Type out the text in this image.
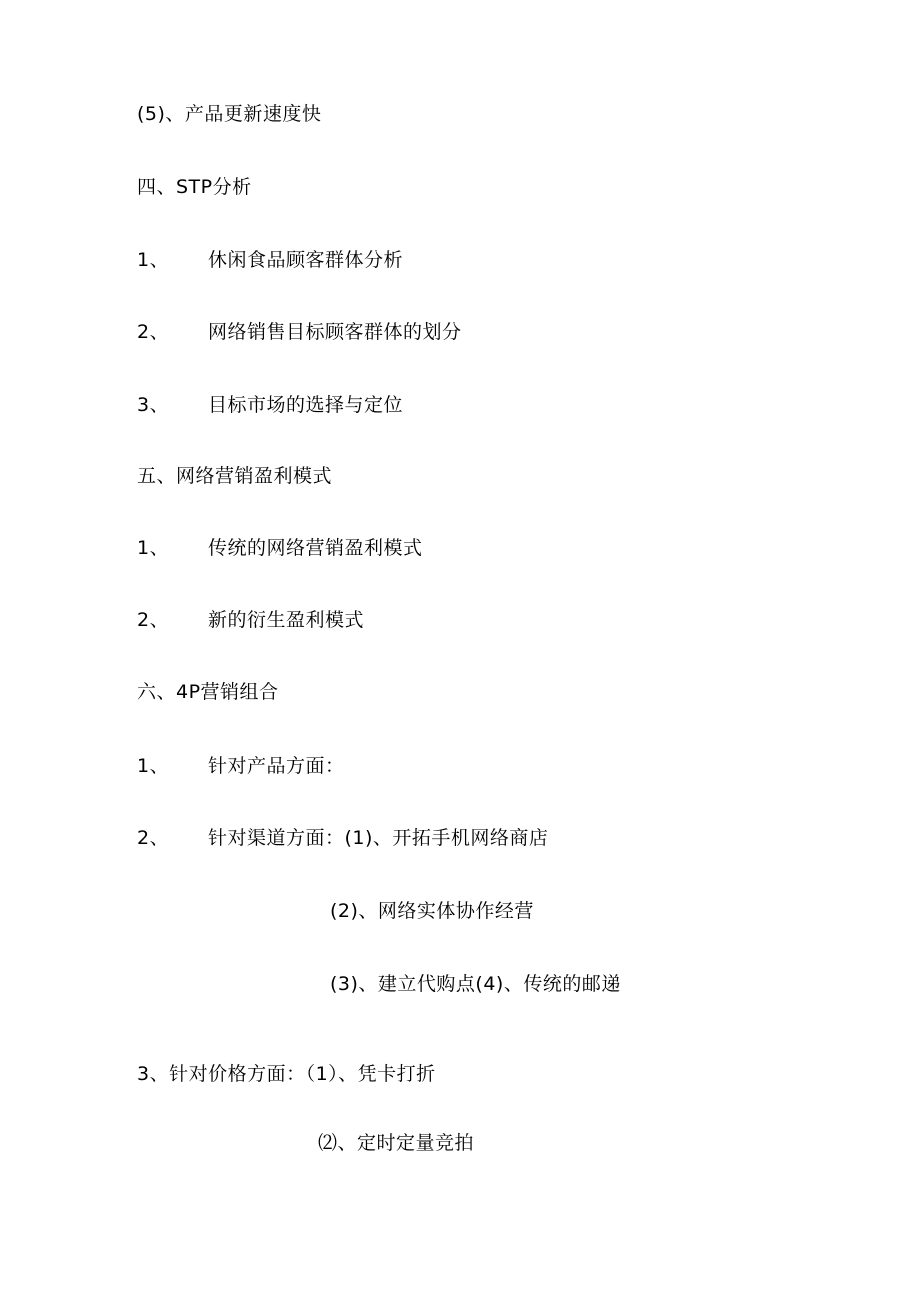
(5)、产品更新速度快
四、STP分析
1、 休闲食品顾客群体分析
2、 网络销售目标顾客群体的划分
3、 目标市场的选择与定位
五、网络营销盈利模式
1、 传统的网络营销盈利模式
2、 新的衍生盈利模式
六、4P营销组合
1、 针对产品方面：
2、 针对渠道方面：(1)、开拓手机网络商店
(2)、网络实体协作经营
(3)、建立代购点(4)、传统的邮递
3、针对价格方面：（1）、凭卡打折
⑵、定时定量竞拍
